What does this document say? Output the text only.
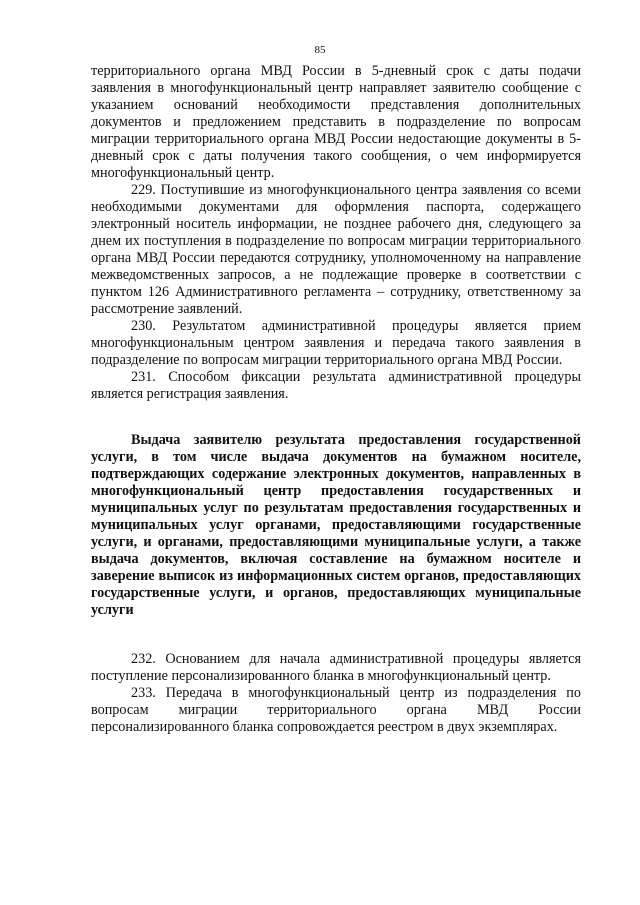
85

территориального органа МВД России в 5-дневный срок с даты подачи заявления в многофункциональный центр направляет заявителю сообщение с указанием оснований необходимости представления дополнительных документов и предложением представить в подразделение по вопросам миграции территориального органа МВД России недостающие документы в 5-дневный срок с даты получения такого сообщения, о чем информируется многофункциональный центр.

229. Поступившие из многофункционального центра заявления со всеми необходимыми документами для оформления паспорта, содержащего электронный носитель информации, не позднее рабочего дня, следующего за днем их поступления в подразделение по вопросам миграции территориального органа МВД России передаются сотруднику, уполномоченному на направление межведомственных запросов, а не подлежащие проверке в соответствии с пунктом 126 Административного регламента – сотруднику, ответственному за рассмотрение заявлений.

230. Результатом административной процедуры является прием многофункциональным центром заявления и передача такого заявления в подразделение по вопросам миграции территориального органа МВД России.

231. Способом фиксации результата административной процедуры является регистрация заявления.

Выдача заявителю результата предоставления государственной услуги, в том числе выдача документов на бумажном носителе, подтверждающих содержание электронных документов, направленных в многофункциональный центр предоставления государственных и муниципальных услуг по результатам предоставления государственных и муниципальных услуг органами, предоставляющими государственные услуги, и органами, предоставляющими муниципальные услуги, а также выдача документов, включая составление на бумажном носителе и заверение выписок из информационных систем органов, предоставляющих государственные услуги, и органов, предоставляющих муниципальные услуги

232. Основанием для начала административной процедуры является поступление персонализированного бланка в многофункциональный центр.

233. Передача в многофункциональный центр из подразделения по вопросам миграции территориального органа МВД России персонализированного бланка сопровождается реестром в двух экземплярах.
